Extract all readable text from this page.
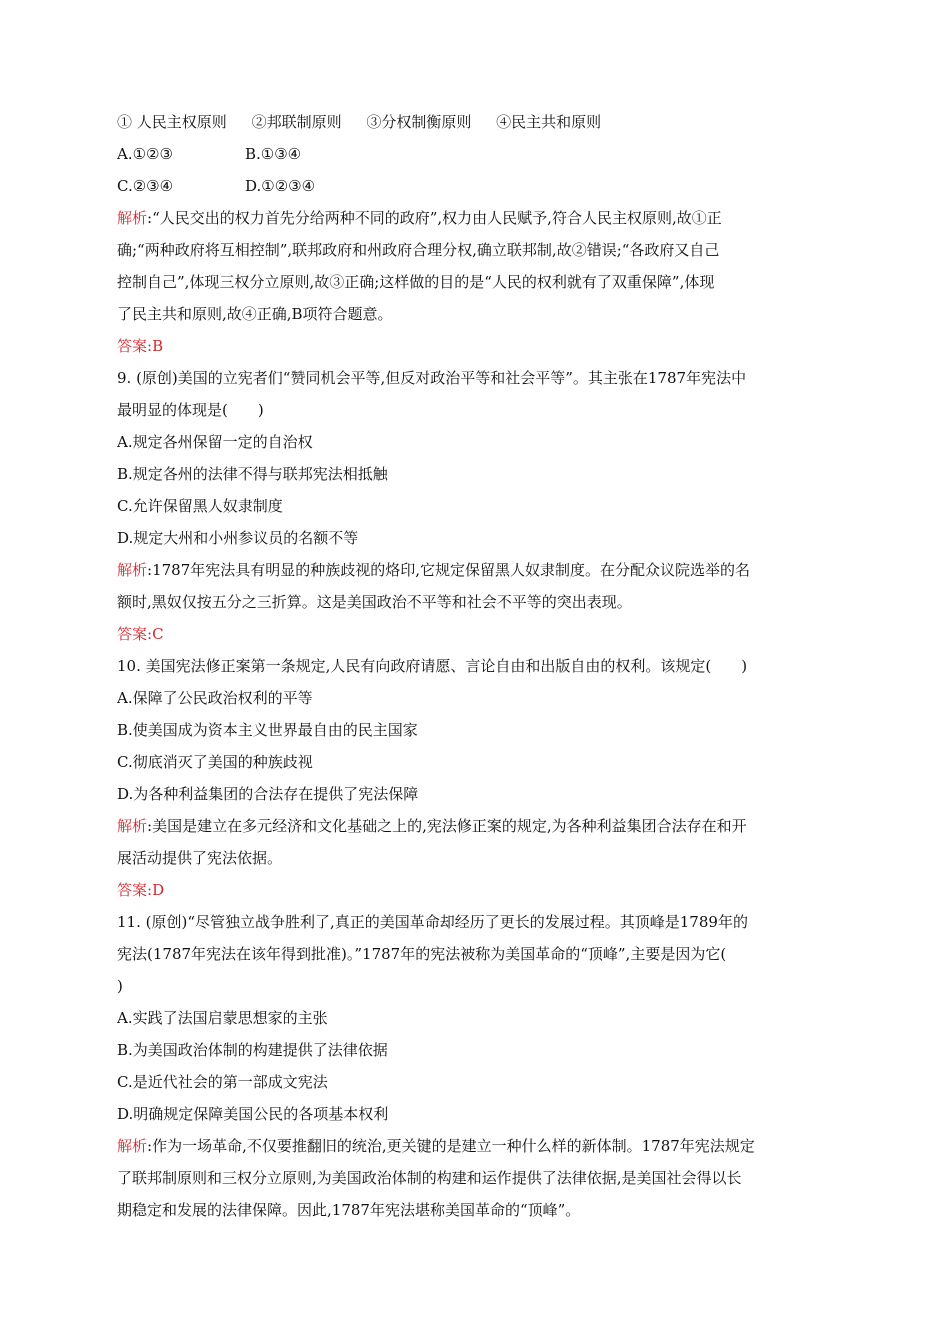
① 人民主权原则 ②邦联制原则 ③分权制衡原则 ④民主共和原则
A.①②③	B.①③④
C.②③④	D.①②③④
解析:“人民交出的权力首先分给两种不同的政府”,权力由人民赋予,符合人民主权原则,故①正
确;“两种政府将互相控制”,联邦政府和州政府合理分权,确立联邦制,故②错误;“各政府又自己
控制自己”,体现三权分立原则,故③正确;这样做的目的是“人民的权利就有了双重保障”,体现
了民主共和原则,故④正确,B项符合题意。
答案:B
9. (原创)美国的立宪者们“赞同机会平等,但反对政治平等和社会平等”。其主张在1787年宪法中
最明显的体现是(　　)
A.规定各州保留一定的自治权
B.规定各州的法律不得与联邦宪法相抵触
C.允许保留黑人奴隶制度
D.规定大州和小州参议员的名额不等
解析:1787年宪法具有明显的种族歧视的烙印,它规定保留黑人奴隶制度。在分配众议院选举的名
额时,黑奴仅按五分之三折算。这是美国政治不平等和社会不平等的突出表现。
答案:C
10. 美国宪法修正案第一条规定,人民有向政府请愿、言论自由和出版自由的权利。该规定(　　)
A.保障了公民政治权利的平等
B.使美国成为资本主义世界最自由的民主国家
C.彻底消灭了美国的种族歧视
D.为各种利益集团的合法存在提供了宪法保障
解析:美国是建立在多元经济和文化基础之上的,宪法修正案的规定,为各种利益集团合法存在和开
展活动提供了宪法依据。
答案:D
11. (原创)“尽管独立战争胜利了,真正的美国革命却经历了更长的发展过程。其顶峰是1789年的
宪法(1787年宪法在该年得到批准)。”1787年的宪法被称为美国革命的“顶峰”,主要是因为它(
)
A.实践了法国启蒙思想家的主张
B.为美国政治体制的构建提供了法律依据
C.是近代社会的第一部成文宪法
D.明确规定保障美国公民的各项基本权利
解析:作为一场革命,不仅要推翻旧的统治,更关键的是建立一种什么样的新体制。1787年宪法规定
了联邦制原则和三权分立原则,为美国政治体制的构建和运作提供了法律依据,是美国社会得以长
期稳定和发展的法律保障。因此,1787年宪法堪称美国革命的“顶峰”。
